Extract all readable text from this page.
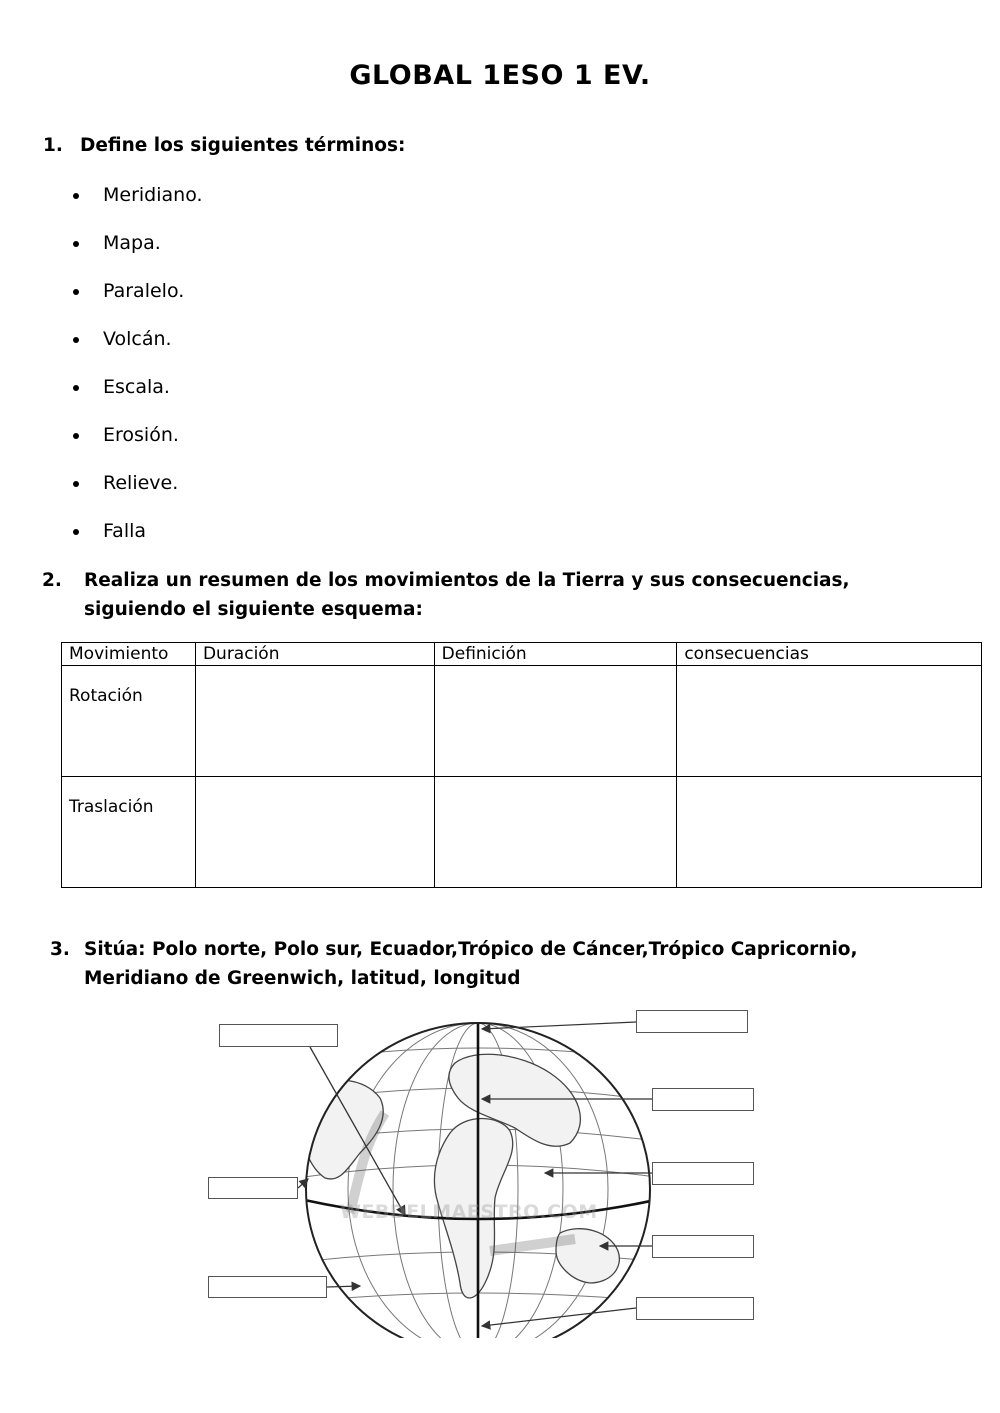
GLOBAL 1ESO 1 EV.
1. Define los siguientes términos:
Meridiano.
Mapa.
Paralelo.
Volcán.
Escala.
Erosión.
Relieve.
Falla
2.	Realiza un resumen de los movimientos de la Tierra y sus consecuencias,
siguiendo el siguiente esquema:
Movimiento	Duración	Definición	consecuencias
Rotación			
Traslación			
3. Sitúa: Polo norte, Polo sur, Ecuador,Trópico de Cáncer,Trópico Capricornio,
Meridiano de Greenwich, latitud, longitud
WEBDELMAESTRO.COM
